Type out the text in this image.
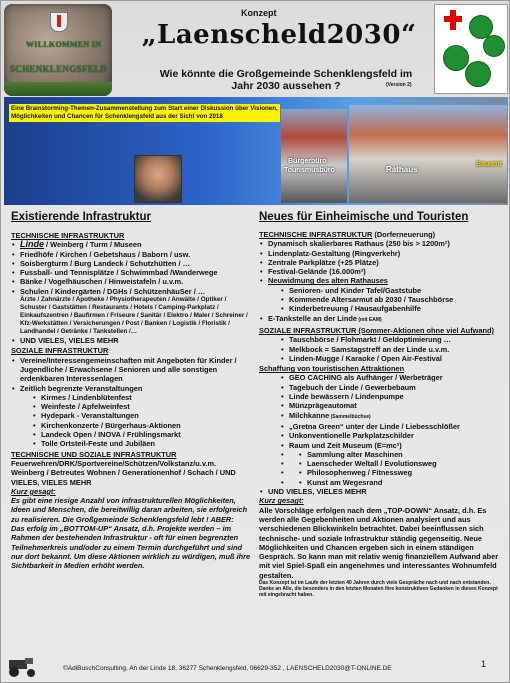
WILLKOMMEN IN
SCHENKLENGSFELD
Konzept
„Laenscheld2030“
Wie könnte die Großgemeinde Schenklengsfeld im Jahr 2030 aussehen ?	(Version 2)
Eine Brainstorming-Themen-Zusammenstellung zum Start einer Diskussion über Visionen, Möglichkeiten und Chancen für Schenklengsfeld aus der Sicht von 2018
Bürgerbüro
Tourismusbüro	Rathaus
Bauamt
Existierende Infrastruktur
TECHNISCHE INFRASTRUKTUR
• Linde / Weinberg / Turm / Museen
• Friedhöfe / Kirchen / Gebetshaus / Baborn / usw.
• Soisbergturm / Burg Landeck / Schutzhütten / …
• Fussball- und Tennisplätze / Schwimmbad /Wanderwege
• Bänke / Vogelhäuschen / Hinweistafeln / u.v.m.
• Schulen / Kindergärten / DGHs / SchützenhäuSer / …
Ärzte / Zahnärzte / Apotheke / Physiotherapeuten / Anwälte / Optiker / Schuster / Gaststätten / Restaurants / Hotels / Camping-Parkplatz / Einkaufszentren / Baufirmen / Friseure / Sanitär / Elektro / Maler / Schreiner / Kfz-Werkstätten / Versicherungen / Post / Banken / Logistik / Floristik / Landhandel / Getränke / Tankstellen /…
• UND VIELES, VIELES MEHR
SOZIALE INFRASTRUKTUR
• Vereine/Interessengemeinschaften mit Angeboten für Kinder / Jugendliche / Erwachsene / Senioren und alle sonstigen erdenkbaren Interessenlagen
• Zeitlich begrenzte Veranstaltungen
• Kirmes / Lindenblütenfest
• Weinfeste / Apfelweinfest
• Hydepark - Veranstaltungen
• Kirchenkonzerte / Bürgerhaus-Aktionen
• Landeck Open / INOVA / Frühlingsmarkt
• Tolle Ortsteil-Feste und Jubiläen
TECHNISCHE UND SOZIALE INFRASTRUKTUR
Feuerwehren/DRK/Sportvereine/Schützen/Volkstanz/u.v.m. Weinberg / Betreutes Wohnen / Generationenhof / Schach / UND VIELES, VIELES MEHR
Kurz gesagt:
Es gibt eine riesige Anzahl von infrastrukturellen Möglichkeiten, Ideen und Menschen, die bereitwillig daran arbeiten, sie erfolgreich zu realisieren. Die Großgemeinde Schenklengsfeld lebt ! ABER:
Das erfolg im „BOTTOM-UP“ Ansatz, d.h. Projekte werden – im Rahmen der bestehenden Infrastruktur - oft für einen begrenzten Teilnehmerkreis und/oder zu einem Termin durchgeführt und sind nur dort bekannt. Um diese Aktionen wirklich zu würdigen, muß ihre Sichtbarkeit in Medien erhöht werden.
Neues für Einheimische und Touristen
TECHNISCHE INFRASTRUKTUR (Dorferneuerung)
• Dynamisch skalierbares Rathaus (250 bis > 1200m²)
• Lindenplatz-Gestaltung (Ringverkehr)
• Zentrale Parkplätze (+25 Plätze)
• Festival-Gelände (16.000m²)
• Neuwidmung des alten Rathauses
• Senioren- und Kinder Tafel/Gaststube
• Kommende Altersarmut ab 2030 / Tauschbörse
• Kinderbetreuung / Hausaufgabenhilfe
• E-Tankstelle an der Linde (mit EAM)
SOZIALE INFRASTRUKTUR (Sommer-Aktionen ohne viel Aufwand)
• Tauschbörse / Flohmarkt / Geldoptimierung …
• Melkbock = Samstagstreff an der Linde u.v.m.
• Linden-Mugge / Karaoke / Open Air-Festival
Schaffung von touristischen Attraktionen
• GEO CACHING als Aufhänger / Werbeträger
• Tagebuch der Linde / Gewerbebaum
• Linde bewässern / Lindenpumpe
• Münzprägeautomat
• Milchkanne (Sammelbüchse)
• „Gretna Green“ unter der Linde / Liebesschlößer
• Unkonventionelle Parkplatzschilder
• Raum und Zeit Museum (E=mc²)
• • Sammlung alter Maschinen
• • Laenscheder Weltall / Evolutionsweg
• • Philosophenweg / Fitnessweg
• • Kunst am Wegesrand
• UND VIELES, VIELES MEHR
Kurz gesagt:
Alle Vorschläge erfolgen nach dem „TOP-DOWN“ Ansatz, d.h. Es werden alle Gegebenheiten und Aktionen analysiert und aus verschiedenen Blickwinkeln betrachtet. Dabei beeinflussen sich technische- und soziale Infrastruktur ständig gegenseitig. Neue Möglichkeiten und Chancen ergeben sich in einem ständigen Gespräch. So kann man mit relativ wenig finanziellem Aufwand aber mit viel Spiel-Spaß ein angenehmes und interessantes Wohnumfeld gestalten.
Das Konzept ist im Laufe der letzten 40 Jahren durch viele Gespräche nach und nach entstanden. Danke an Alle, die besonders in den letzten Monaten ihre konstruktiven Gedanken in dieses Konzept mit eingebracht haben.
©AdiBuschConsulting, An der Linde 18, 36277 Schenklengsfeld, 06629-352 , LAENSCHELD2030@T-ONLINE.DE	1
